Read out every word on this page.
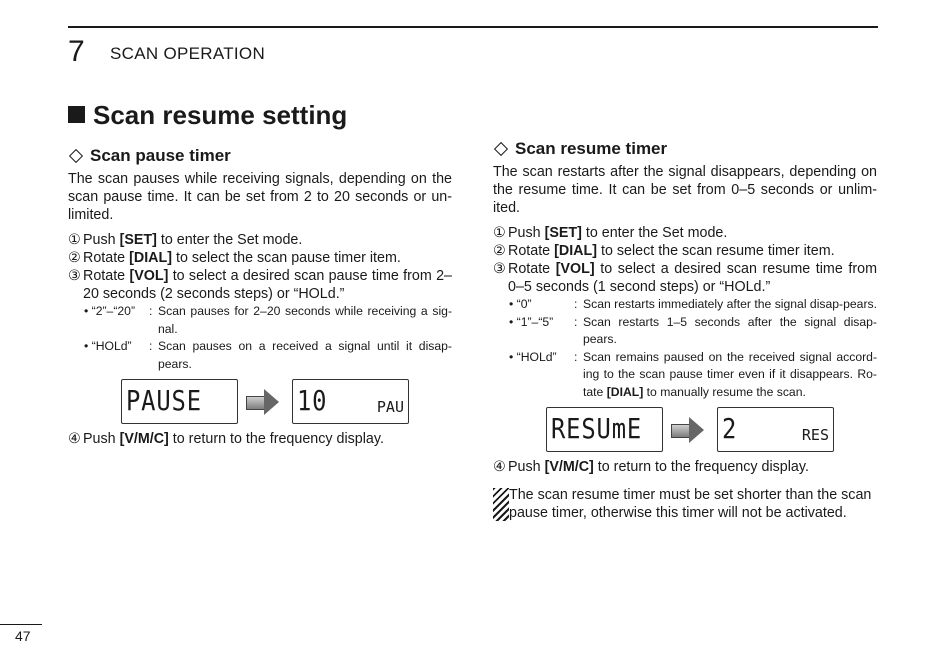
7 SCAN OPERATION
Scan resume setting
Scan pause timer
The scan pauses while receiving signals, depending on the scan pause time. It can be set from 2 to 20 seconds or un-limited.
① Push [SET] to enter the Set mode.
② Rotate [DIAL] to select the scan pause timer item.
③ Rotate [VOL] to select a desired scan pause time from 2–20 seconds (2 seconds steps) or “HOLd.”
• “2”–“20”	: Scan pauses for 2–20 seconds while receiving a sig-nal.
• “HOLd”	: Scan pauses on a received a signal until it disap-pears.
PAUSE	10	PAU
④ Push [V/M/C] to return to the frequency display.
Scan resume timer
The scan restarts after the signal disappears, depending on the resume time. It can be set from 0–5 seconds or unlim-ited.
① Push [SET] to enter the Set mode.
② Rotate [DIAL] to select the scan resume timer item.
③ Rotate [VOL] to select a desired scan resume time from 0–5 seconds (1 second steps) or “HOLd.”
• “0”	: Scan restarts immediately after the signal disap-pears.
• “1”–“5”	: Scan restarts 1–5 seconds after the signal disap-pears.
• “HOLd”	: Scan remains paused on the received signal accord-ing to the scan pause timer even if it disappears. Ro-tate [DIAL] to manually resume the scan.
RESUmE	2	RES
④ Push [V/M/C] to return to the frequency display.
The scan resume timer must be set shorter than the scan pause timer, otherwise this timer will not be activated.
47
